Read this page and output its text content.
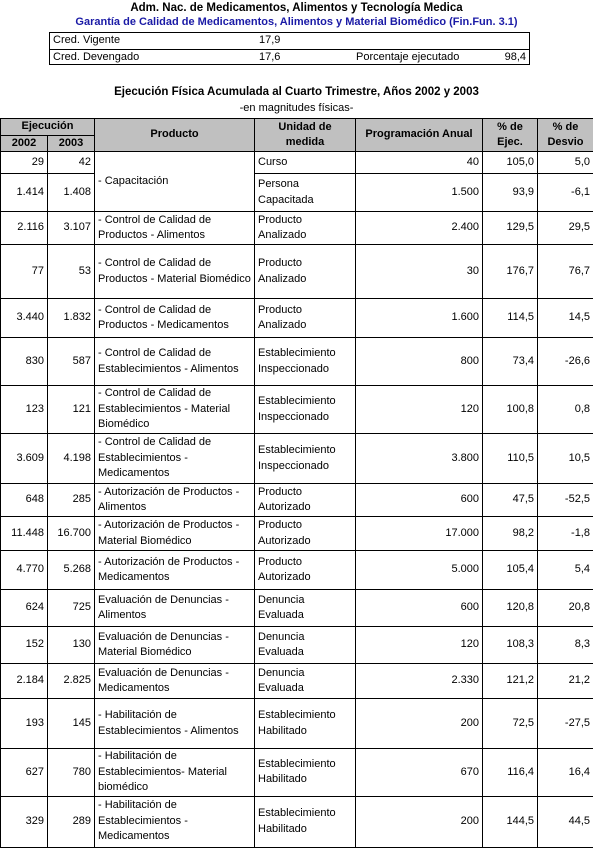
Adm. Nac. de Medicamentos, Alimentos y Tecnología Medica
Garantía de Calidad de Medicamentos, Alimentos y Material Biomédico (Fin.Fun. 3.1)
Cred. Vigente	17,9
Cred. Devengado	17,6	Porcentaje ejecutado	98,4
Ejecución Física Acumulada al Cuarto Trimestre, Años 2002 y 2003
-en magnitudes físicas-
Ejecución		Producto	Unidad de medida	Programación Anual	% de Ejec.	% de Desvio
2002	2003					
29	42	- Capacitación	Curso	40	105,0	5,0
1.414	1.408		Persona Capacitada	1.500	93,9	-6,1
2.116	3.107	- Control de Calidad de Productos - Alimentos	Producto Analizado	2.400	129,5	29,5
77	53	- Control de Calidad de Productos - Material Biomédico	Producto Analizado	30	176,7	76,7
3.440	1.832	- Control de Calidad de Productos - Medicamentos	Producto Analizado	1.600	114,5	14,5
830	587	- Control de Calidad de Establecimientos - Alimentos	Establecimiento Inspeccionado	800	73,4	-26,6
123	121	- Control de Calidad de Establecimientos - Material Biomédico	Establecimiento Inspeccionado	120	100,8	0,8
3.609	4.198	- Control de Calidad de Establecimientos - Medicamentos	Establecimiento Inspeccionado	3.800	110,5	10,5
648	285	- Autorización de Productos - Alimentos	Producto Autorizado	600	47,5	-52,5
11.448	16.700	- Autorización de Productos - Material Biomédico	Producto Autorizado	17.000	98,2	-1,8
4.770	5.268	- Autorización de Productos - Medicamentos	Producto Autorizado	5.000	105,4	5,4
624	725	Evaluación de Denuncias - Alimentos	Denuncia Evaluada	600	120,8	20,8
152	130	Evaluación de Denuncias - Material Biomédico	Denuncia Evaluada	120	108,3	8,3
2.184	2.825	Evaluación de Denuncias - Medicamentos	Denuncia Evaluada	2.330	121,2	21,2
193	145	- Habilitación de Establecimientos - Alimentos	Establecimiento Habilitado	200	72,5	-27,5
627	780	- Habilitación de Establecimientos- Material biomédico	Establecimiento Habilitado	670	116,4	16,4
329	289	- Habilitación de Establecimientos - Medicamentos	Establecimiento Habilitado	200	144,5	44,5
